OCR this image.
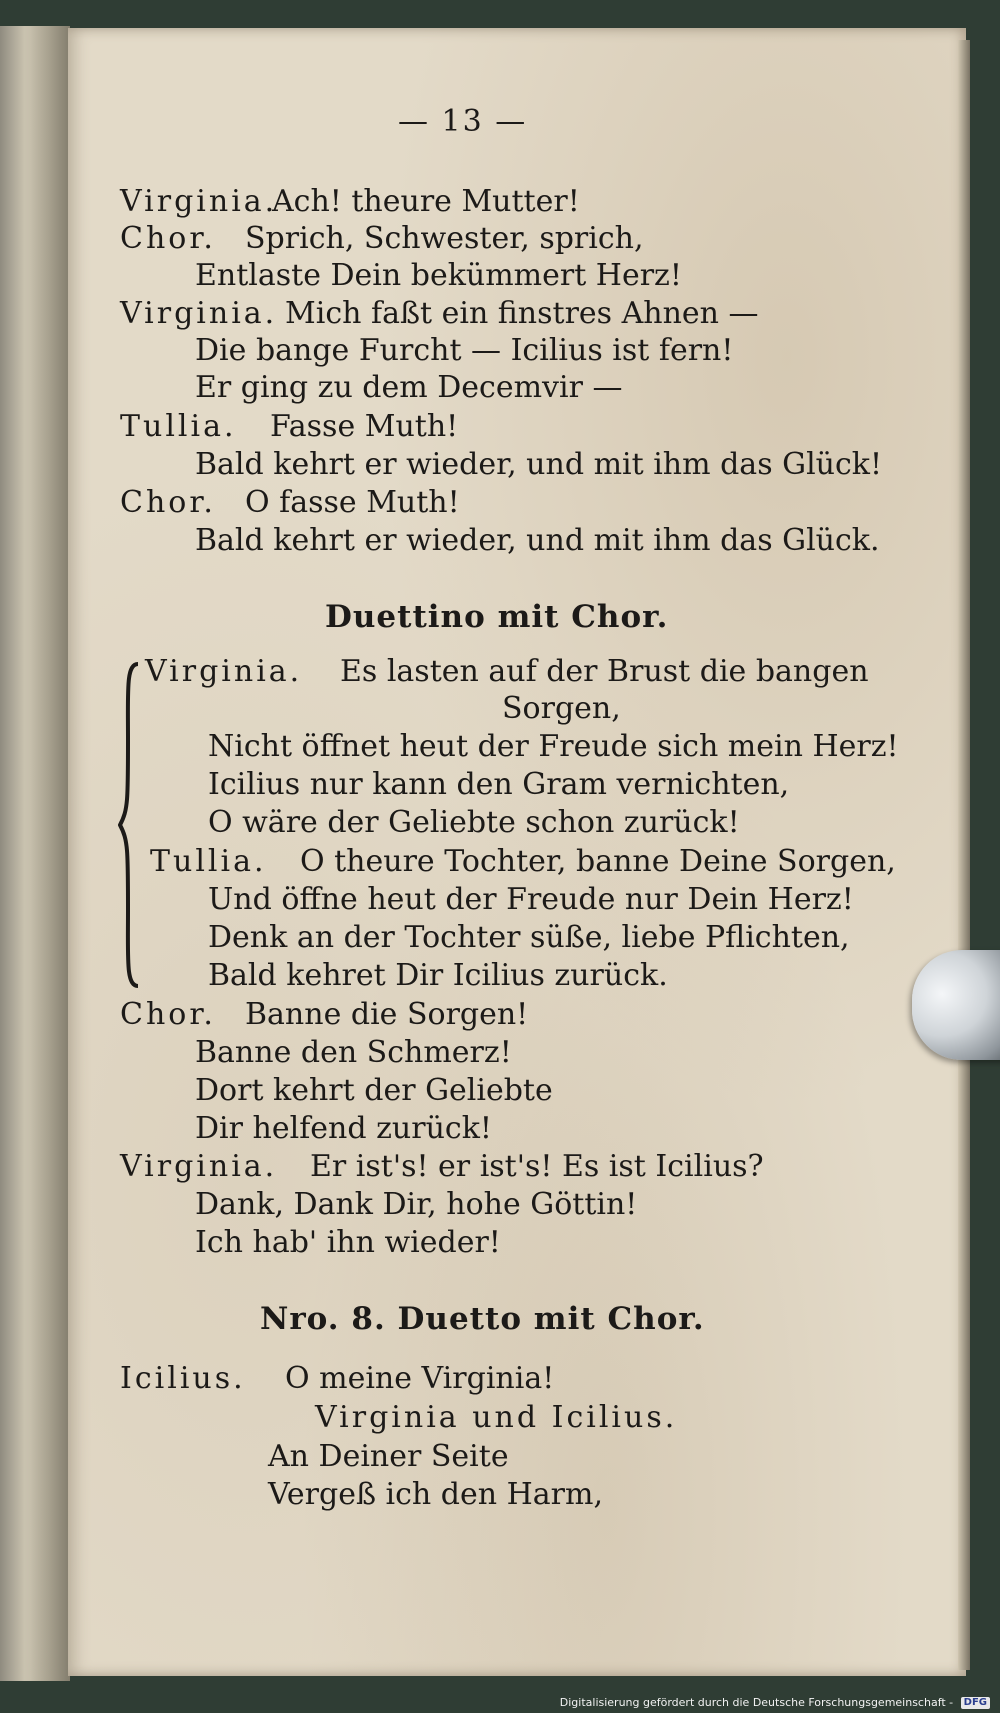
— 13 —
Virginia.
Ach! theure Mutter!
Chor. Sprich, Schwester, sprich,
Entlaste Dein bekümmert Herz!
Virginia. Mich faßt ein finstres Ahnen —
Die bange Furcht — Icilius ist fern!
Er ging zu dem Decemvir —
Tullia. Fasse Muth!
Bald kehrt er wieder, und mit ihm das Glück!
Chor. O fasse Muth!
Bald kehrt er wieder, und mit ihm das Glück.
Duettino mit Chor.
Virginia. Es lasten auf der Brust die bangen
Sorgen,
Nicht öffnet heut der Freude sich mein Herz!
Icilius nur kann den Gram vernichten,
O wäre der Geliebte schon zurück!
Tullia. O theure Tochter, banne Deine Sorgen,
Und öffne heut der Freude nur Dein Herz!
Denk an der Tochter süße, liebe Pflichten,
Bald kehret Dir Icilius zurück.
Chor. Banne die Sorgen!
Banne den Schmerz!
Dort kehrt der Geliebte
Dir helfend zurück!
Virginia. Er ist's! er ist's! Es ist Icilius?
Dank, Dank Dir, hohe Göttin!
Ich hab' ihn wieder!
Nro. 8. Duetto mit Chor.
Icilius. O meine Virginia!
Virginia und Icilius.
An Deiner Seite
Vergeß ich den Harm,
Digitalisierung gefördert durch die Deutsche Forschungsgemeinschaft - DFG
